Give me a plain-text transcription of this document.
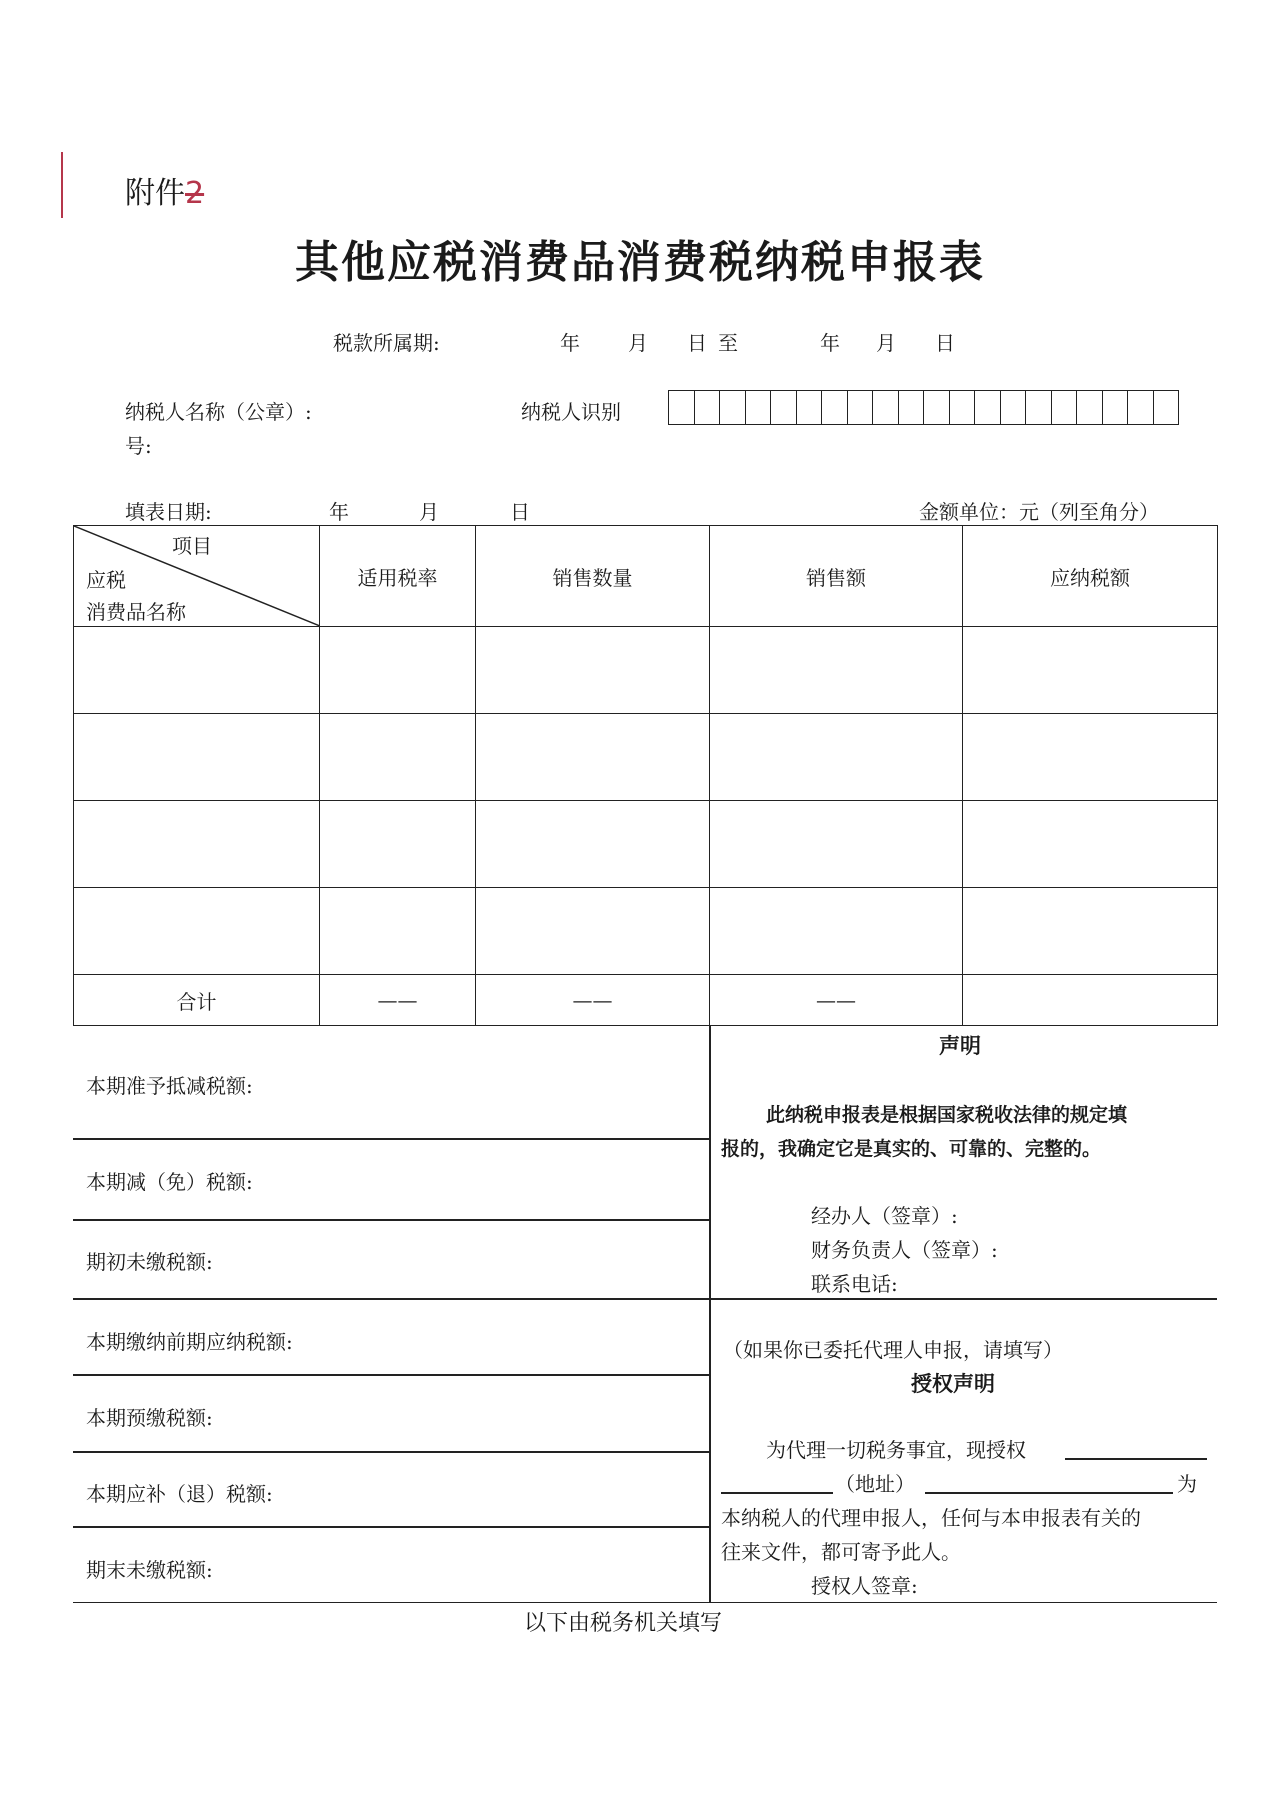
附件2
其他应税消费品消费税纳税申报表
税款所属期:	年 月 日 至	年 月 日
纳税人名称（公章）:	纳税人识别
号:
填表日期:	年	月	日	金额单位：元（列至角分）
项目
应税
消费品名称	适用税率	销售数量	销售额	应纳税额

合计	——	——	——	
本期准予抵减税额:
本期减（免）税额:
期初未缴税额:
本期缴纳前期应纳税额:
本期预缴税额:
本期应补（退）税额:
期末未缴税额:
声明
此纳税申报表是根据国家税收法律的规定填
报的，我确定它是真实的、可靠的、完整的。
经办人（签章）:
财务负责人（签章）:
联系电话:
（如果你已委托代理人申报，请填写）
授权声明
为代理一切税务事宜，现授权
（地址）	为
本纳税人的代理申报人，任何与本申报表有关的
往来文件，都可寄予此人。
授权人签章:
以下由税务机关填写
